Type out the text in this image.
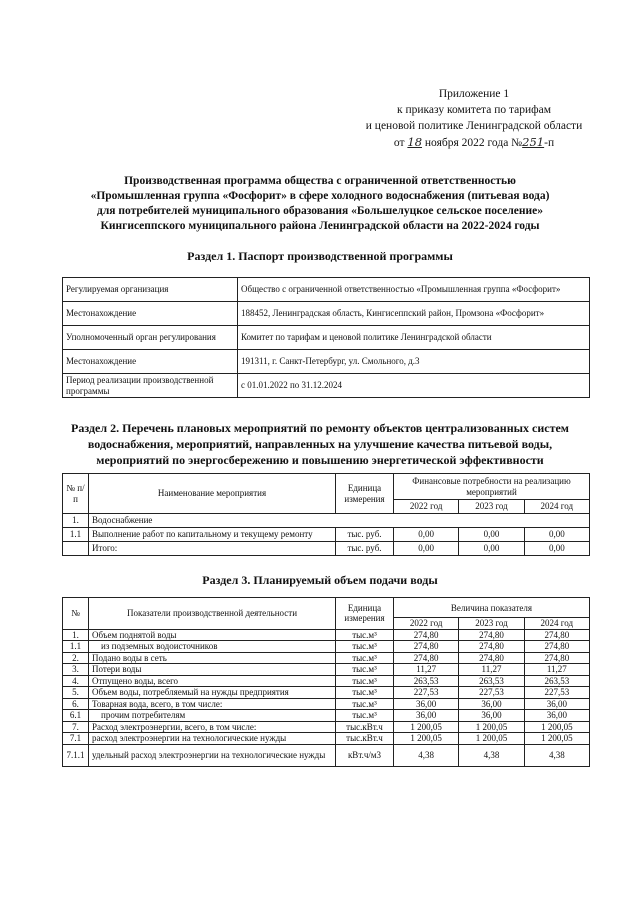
Приложение 1
к приказу комитета по тарифам
и ценовой политике Ленинградской области
от 18 ноября 2022 года №251-п
Производственная программа общества с ограниченной ответственностью
«Промышленная группа «Фосфорит» в сфере холодного водоснабжения (питьевая вода)
для потребителей муниципального образования «Большелуцкое сельское поселение»
Кингисеппского муниципального района Ленинградской области на 2022-2024 годы
Раздел 1. Паспорт производственной программы
Регулируемая организация	Общество с ограниченной ответственностью «Промышленная группа «Фосфорит»
Местонахождение	188452, Ленинградская область, Кингисеппский район, Промзона «Фосфорит»
Уполномоченный орган регулирования	Комитет по тарифам и ценовой политике Ленинградской области
Местонахождение	191311, г. Санкт-Петербург, ул. Смольного, д.3
Период реализации производственной программы	с 01.01.2022 по 31.12.2024
Раздел 2. Перечень плановых мероприятий по ремонту объектов централизованных систем
водоснабжения, мероприятий, направленных на улучшение качества питьевой воды,
мероприятий по энергосбережению и повышению энергетической эффективности
№ п/п	Наименование мероприятия	Единица измерения	Финансовые потребности на реализацию мероприятий		
			2022 год	2023 год	2024 год
1.	Водоснабжение				
1.1	Выполнение работ по капитальному и текущему ремонту	тыс. руб.	0,00	0,00	0,00
	Итого:	тыс. руб.	0,00	0,00	0,00
Раздел 3. Планируемый объем подачи воды
№	Показатели производственной деятельности	Единица измерения	Величина показателя		
			2022 год	2023 год	2024 год
1.	Объем поднятой воды	тыс.м³	274,80	274,80	274,80
1.1	из подземных водоисточников	тыс.м³	274,80	274,80	274,80
2.	Подано воды в сеть	тыс.м³	274,80	274,80	274,80
3.	Потери воды	тыс.м³	11,27	11,27	11,27
4.	Отпущено воды, всего	тыс.м³	263,53	263,53	263,53
5.	Объем воды, потребляемый на нужды предприятия	тыс.м³	227,53	227,53	227,53
6.	Товарная вода, всего, в том числе:	тыс.м³	36,00	36,00	36,00
6.1	прочим потребителям	тыс.м³	36,00	36,00	36,00
7.	Расход электроэнергии, всего, в том числе:	тыс.кВт.ч	1 200,05	1 200,05	1 200,05
7.1	расход электроэнергии на технологические нужды	тыс.кВт.ч	1 200,05	1 200,05	1 200,05
7.1.1	удельный расход электроэнергии на технологические нужды	кВт.ч/м3	4,38	4,38	4,38
